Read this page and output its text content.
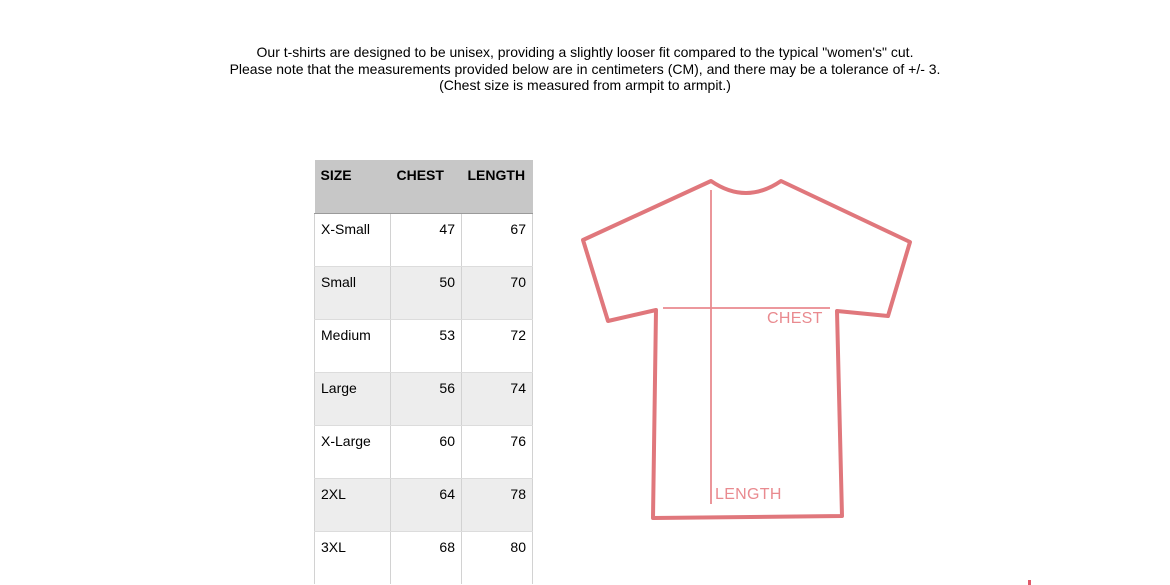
Our t-shirts are designed to be unisex, providing a slightly looser fit compared to the typical "women's" cut.

Please note that the measurements provided below are in centimeters (CM), and there may be a tolerance of +/- 3.

(Chest size is measured from armpit to armpit.)

SIZE	CHEST	LENGTH
X-Small	47	67
Small	50	70
Medium	53	72
Large	56	74
X-Large	60	76
2XL	64	78
3XL	68	80
CHEST
LENGTH
